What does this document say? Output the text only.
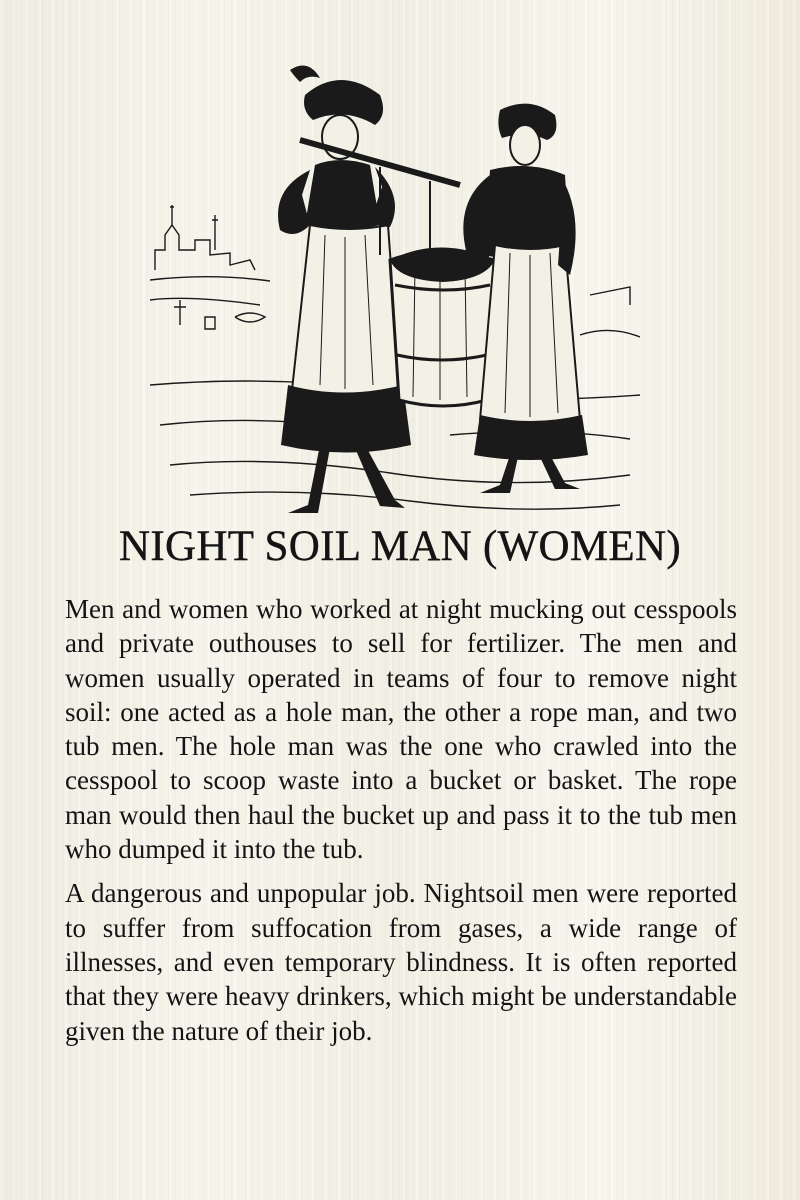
NIGHT SOIL MAN (WOMEN)

Men and women who worked at night mucking out cesspools and private outhouses to sell for fertilizer. The men and women usually operated in teams of four to remove night soil: one acted as a hole man, the other a rope man, and two tub men. The hole man was the one who crawled into the cesspool to scoop waste into a bucket or basket. The rope man would then haul the bucket up and pass it to the tub men who dumped it into the tub.

A dangerous and unpopular job. Nightsoil men were reported to suffer from suffocation from gases, a wide range of illnesses, and even temporary blindness. It is often reported that they were heavy drinkers, which might be understandable given the nature of their job.
